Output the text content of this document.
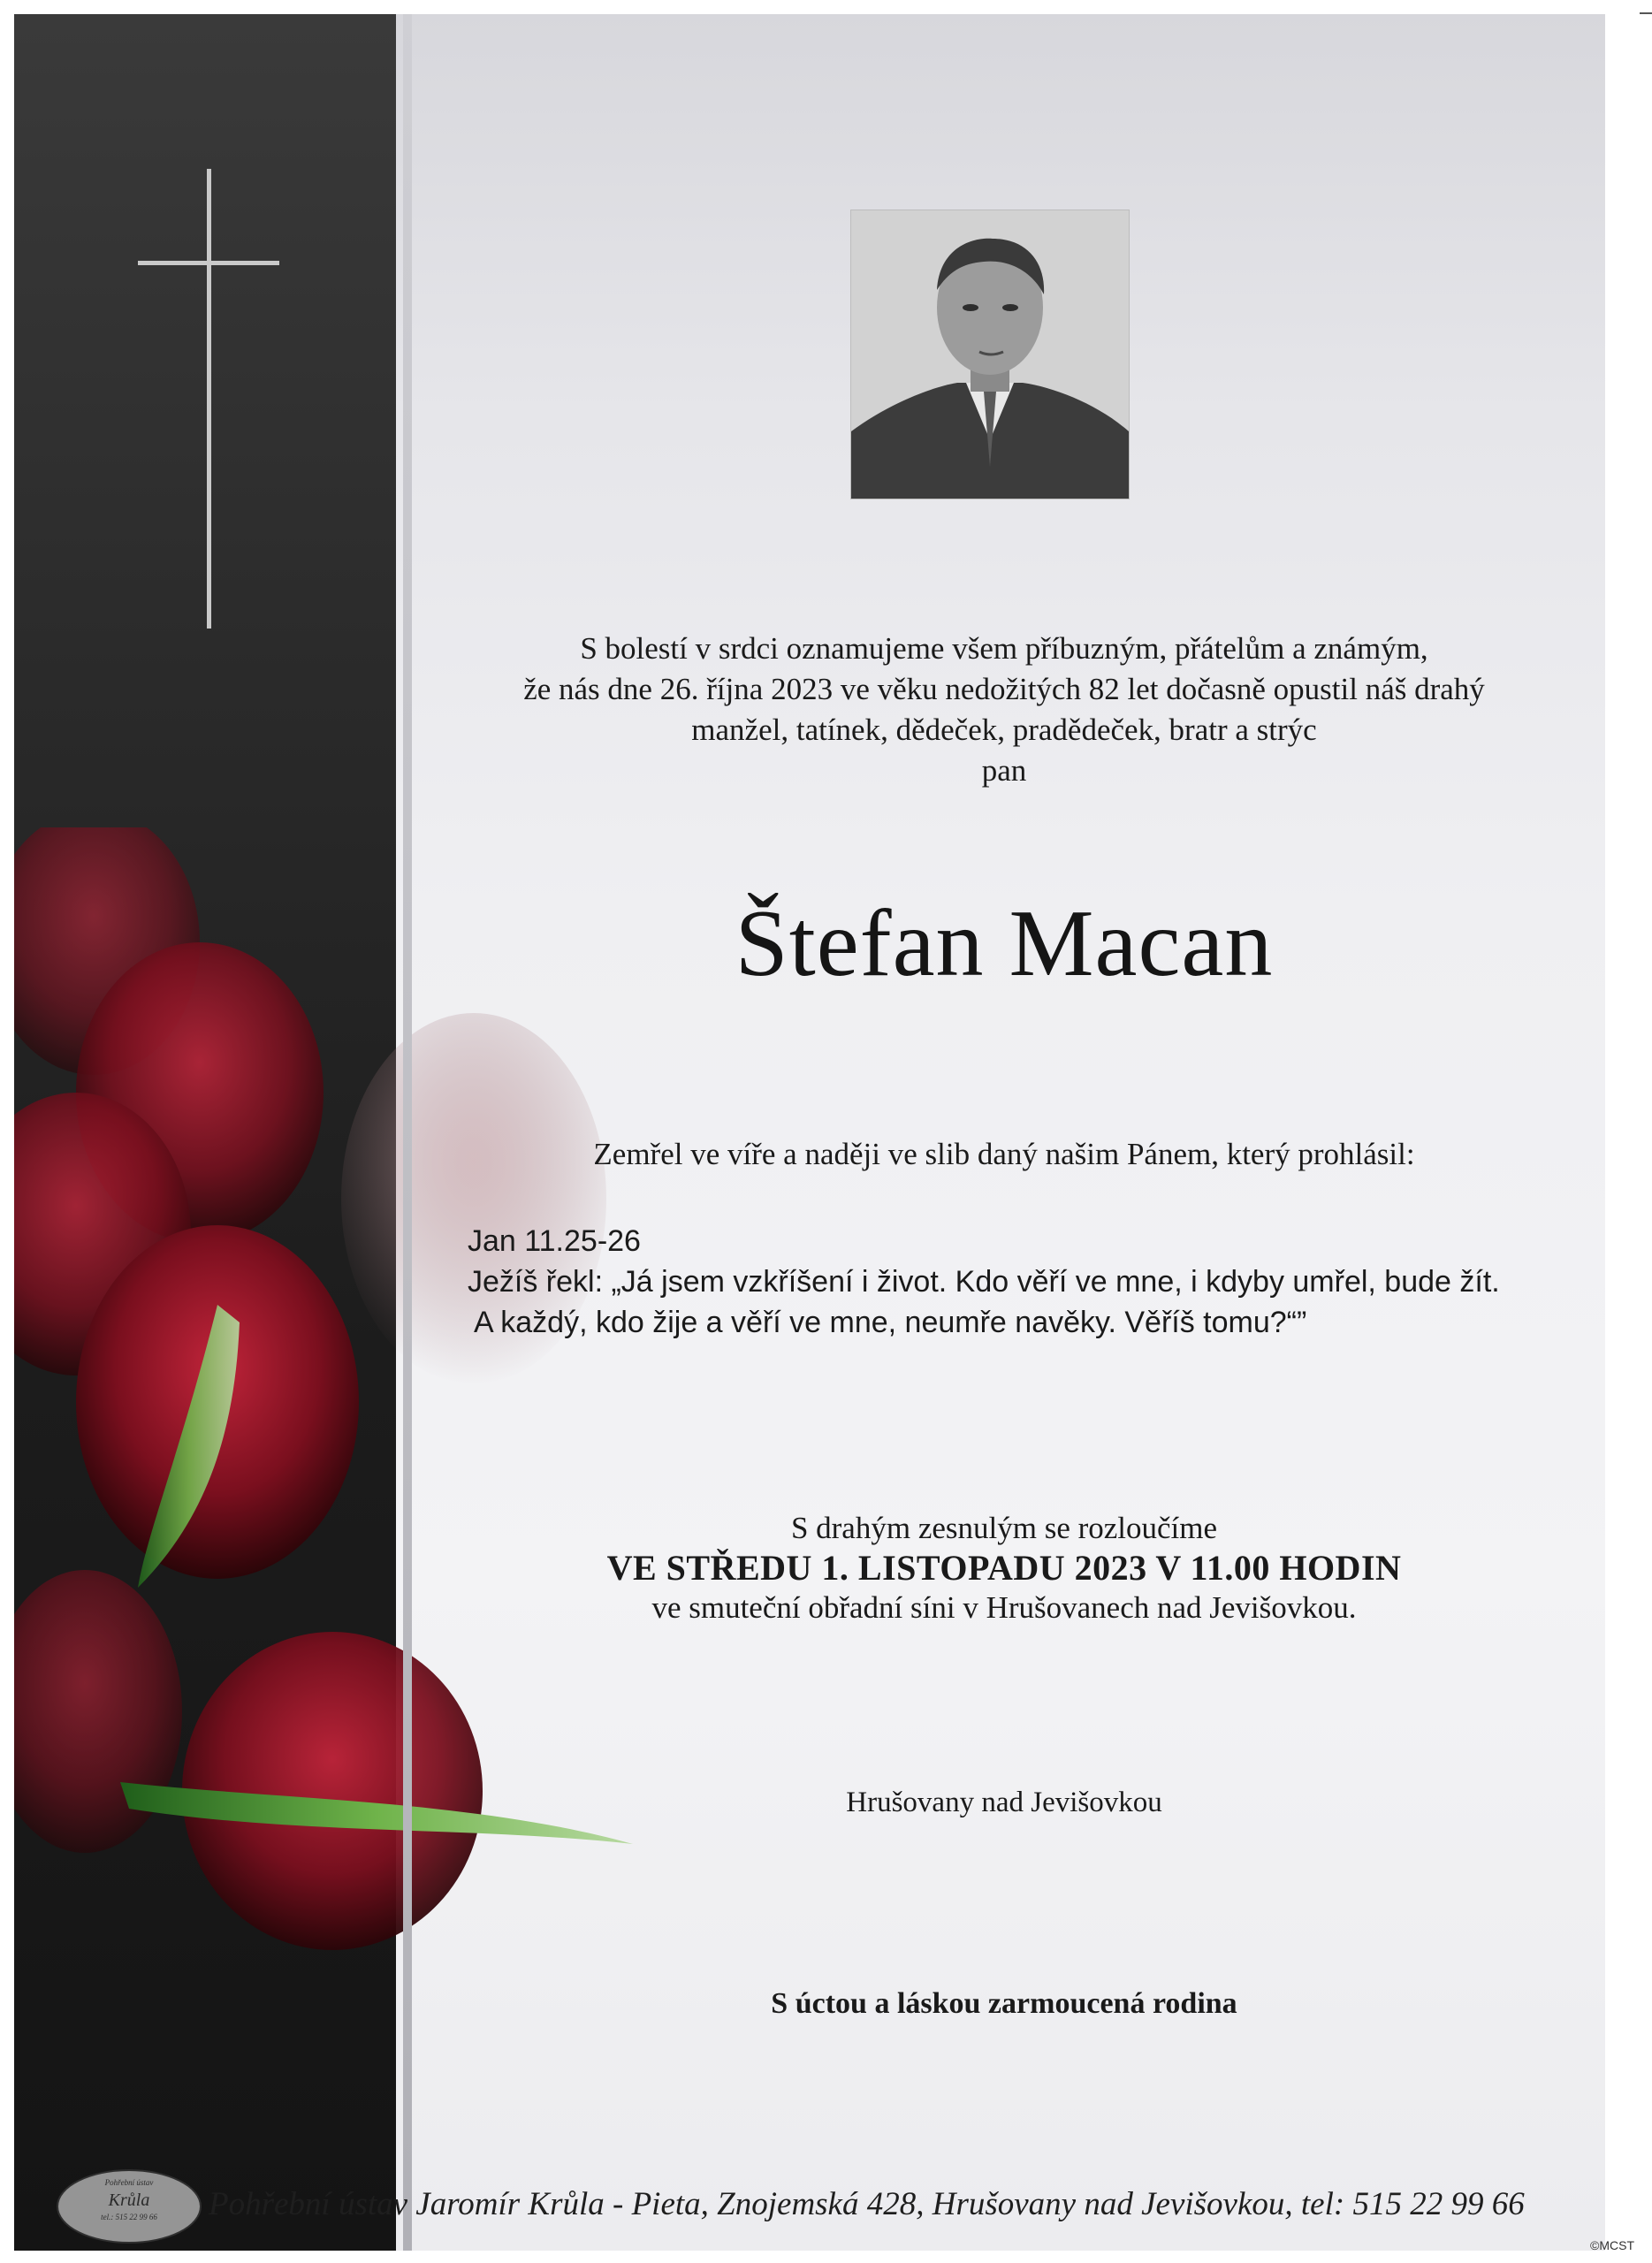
S bolestí v srdci oznamujeme všem příbuzným, přátelům a známým,
že nás dne 26. října 2023 ve věku nedožitých 82 let dočasně opustil náš drahý
manžel, tatínek, dědeček, pradědeček, bratr a strýc
pan
Štefan Macan
Zemřel ve víře a naději ve slib daný našim Pánem, který prohlásil:
Jan 11.25-26
Ježíš řekl: „Já jsem vzkříšení i život. Kdo věří ve mne, i kdyby umřel, bude žít.
A každý, kdo žije a věří ve mne, neumře navěky. Věříš tomu?“”
S drahým zesnulým se rozloučíme
VE STŘEDU 1. LISTOPADU 2023 V 11.00 HODIN
ve smuteční obřadní síni v Hrušovanech nad Jevišovkou.
Hrušovany nad Jevišovkou
S úctou a láskou zarmoucená rodina
Pohřební ústav
Krůla
tel.: 515 22 99 66	Pohřební ústav Jaromír Krůla - Pieta, Znojemská 428, Hrušovany nad Jevišovkou, tel: 515 22 99 66
©MCST
